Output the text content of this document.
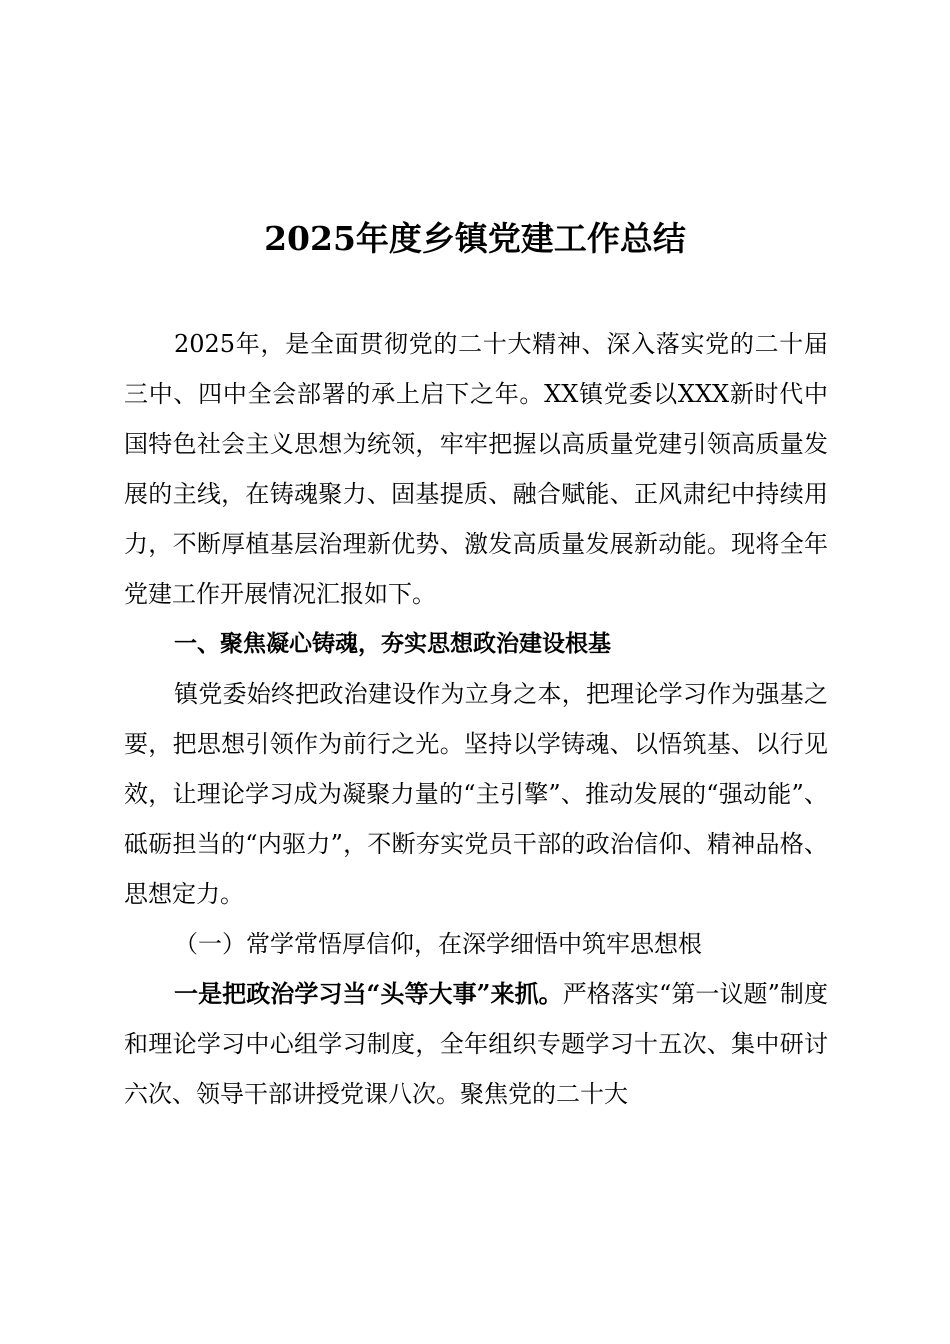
2025年度乡镇党建工作总结

2025年，是全面贯彻党的二十大精神、深入落实党的二十届三中、四中全会部署的承上启下之年。XX镇党委以XXX新时代中国特色社会主义思想为统领，牢牢把握以高质量党建引领高质量发展的主线，在铸魂聚力、固基提质、融合赋能、正风肃纪中持续用力，不断厚植基层治理新优势、激发高质量发展新动能。现将全年党建工作开展情况汇报如下。

一、聚焦凝心铸魂，夯实思想政治建设根基

镇党委始终把政治建设作为立身之本，把理论学习作为强基之要，把思想引领作为前行之光。坚持以学铸魂、以悟筑基、以行见效，让理论学习成为凝聚力量的“主引擎”、推动发展的“强动能”、砥砺担当的“内驱力”，不断夯实党员干部的政治信仰、精神品格、思想定力。

（一）常学常悟厚信仰，在深学细悟中筑牢思想根

一是把政治学习当“头等大事”来抓。严格落实“第一议题”制度和理论学习中心组学习制度，全年组织专题学习十五次、集中研讨六次、领导干部讲授党课八次。聚焦党的二十大
